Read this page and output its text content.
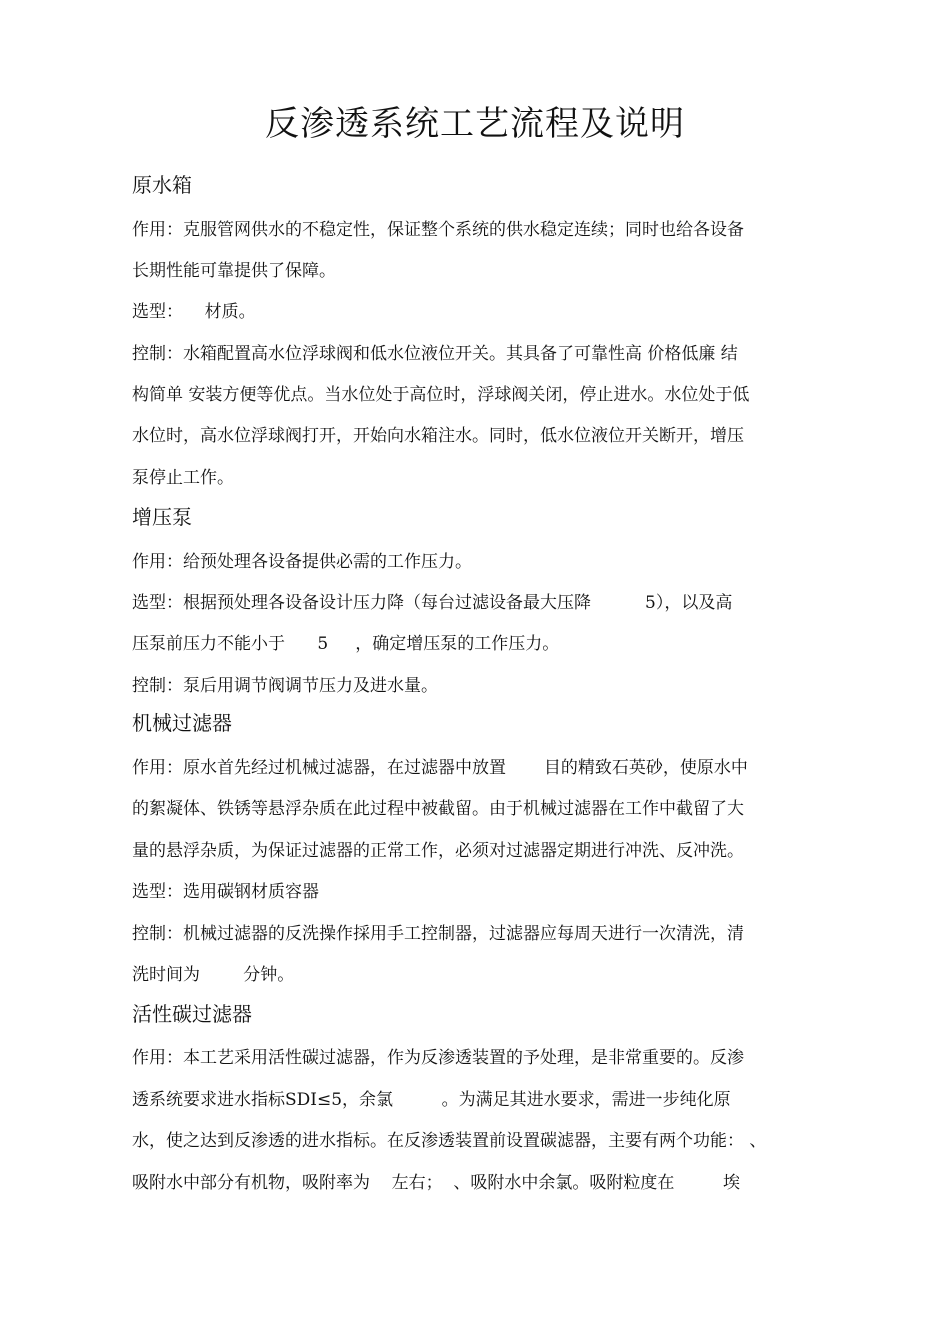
反渗透系统工艺流程及说明
原水箱

作用：克服管网供水的不稳定性，保证整个系统的供水稳定连续；同时也给各设备

长期性能可靠提供了保障。

选型：    材质。

控制：水箱配置高水位浮球阀和低水位液位开关。其具备了可靠性高 价格低廉 结

构简单 安装方便等优点。当水位处于高位时，浮球阀关闭，停止进水。水位处于低

水位时，高水位浮球阀打开，开始向水箱注水。同时，低水位液位开关断开，增压

泵停止工作。

增压泵

作用：给预处理各设备提供必需的工作压力。

选型：根据预处理各设备设计压力降（每台过滤设备最大压降          5），以及高

压泵前压力不能小于      5     ，确定增压泵的工作压力。

控制：泵后用调节阀调节压力及进水量。

机械过滤器

作用：原水首先经过机械过滤器，在过滤器中放置       目的精致石英砂，使原水中

的絮凝体、铁锈等悬浮杂质在此过程中被截留。由于机械过滤器在工作中截留了大

量的悬浮杂质，为保证过滤器的正常工作，必须对过滤器定期进行冲洗、反冲洗。

选型：选用碳钢材质容器

控制：机械过滤器的反洗操作採用手工控制器，过滤器应每周天进行一次清洗，清

洗时间为        分钟。

活性碳过滤器

作用：本工艺采用活性碳过滤器，作为反渗透装置的予处理，是非常重要的。反渗

透系统要求进水指标SDI≤5，余氯         。为满足其进水要求，需进一步纯化原

水，使之达到反渗透的进水指标。在反渗透装置前设置碳滤器，主要有两个功能： 、

吸附水中部分有机物，吸附率为    左右；  、吸附水中余氯。吸附粒度在         埃
